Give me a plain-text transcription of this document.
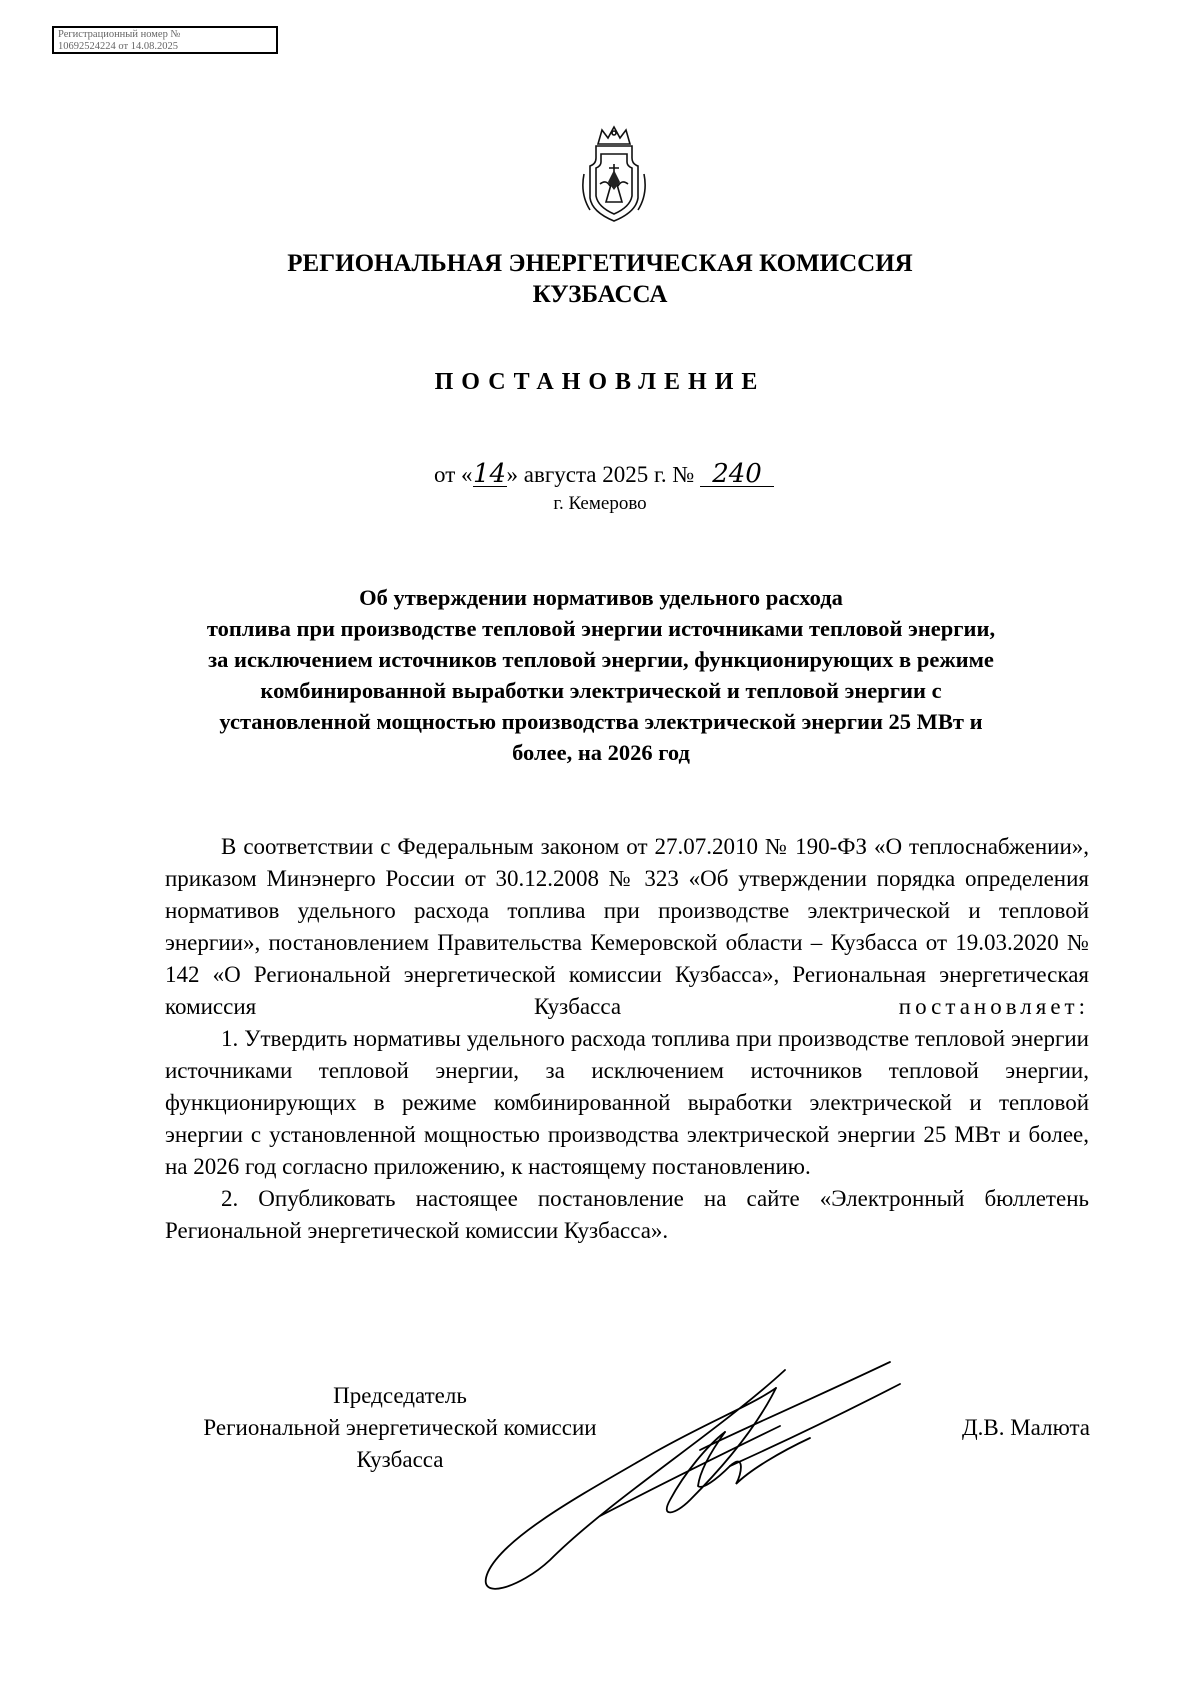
Регистрационный номер №
10692524224 от 14.08.2025
РЕГИОНАЛЬНАЯ ЭНЕРГЕТИЧЕСКАЯ КОМИССИЯ
КУЗБАССА
ПОСТАНОВЛЕНИЕ
от «14» августа 2025 г. № 240
г. Кемерово
Об утверждении нормативов удельного расхода
топлива при производстве тепловой энергии источниками тепловой энергии,
за исключением источников тепловой энергии, функционирующих в режиме
комбинированной выработки электрической и тепловой энергии с
установленной мощностью производства электрической энергии 25 МВт и
более, на 2026 год

В соответствии с Федеральным законом от 27.07.2010 № 190-ФЗ «О теплоснабжении», приказом Минэнерго России от 30.12.2008 № 323 «Об утверждении порядка определения нормативов удельного расхода топлива при производстве электрической и тепловой энергии», постановлением Правительства Кемеровской области – Кузбасса от 19.03.2020 № 142 «О Региональной энергетической комиссии Кузбасса», Региональная энергетическая комиссия Кузбасса постановляет:

1. Утвердить нормативы удельного расхода топлива при производстве тепловой энергии источниками тепловой энергии, за исключением источников тепловой энергии, функционирующих в режиме комбинированной выработки электрической и тепловой энергии с установленной мощностью производства электрической энергии 25 МВт и более, на 2026 год согласно приложению, к настоящему постановлению.

2. Опубликовать настоящее постановление на сайте «Электронный бюллетень Региональной энергетической комиссии Кузбасса».

Председатель
Региональной энергетической комиссии
Кузбасса
Д.В. Малюта
